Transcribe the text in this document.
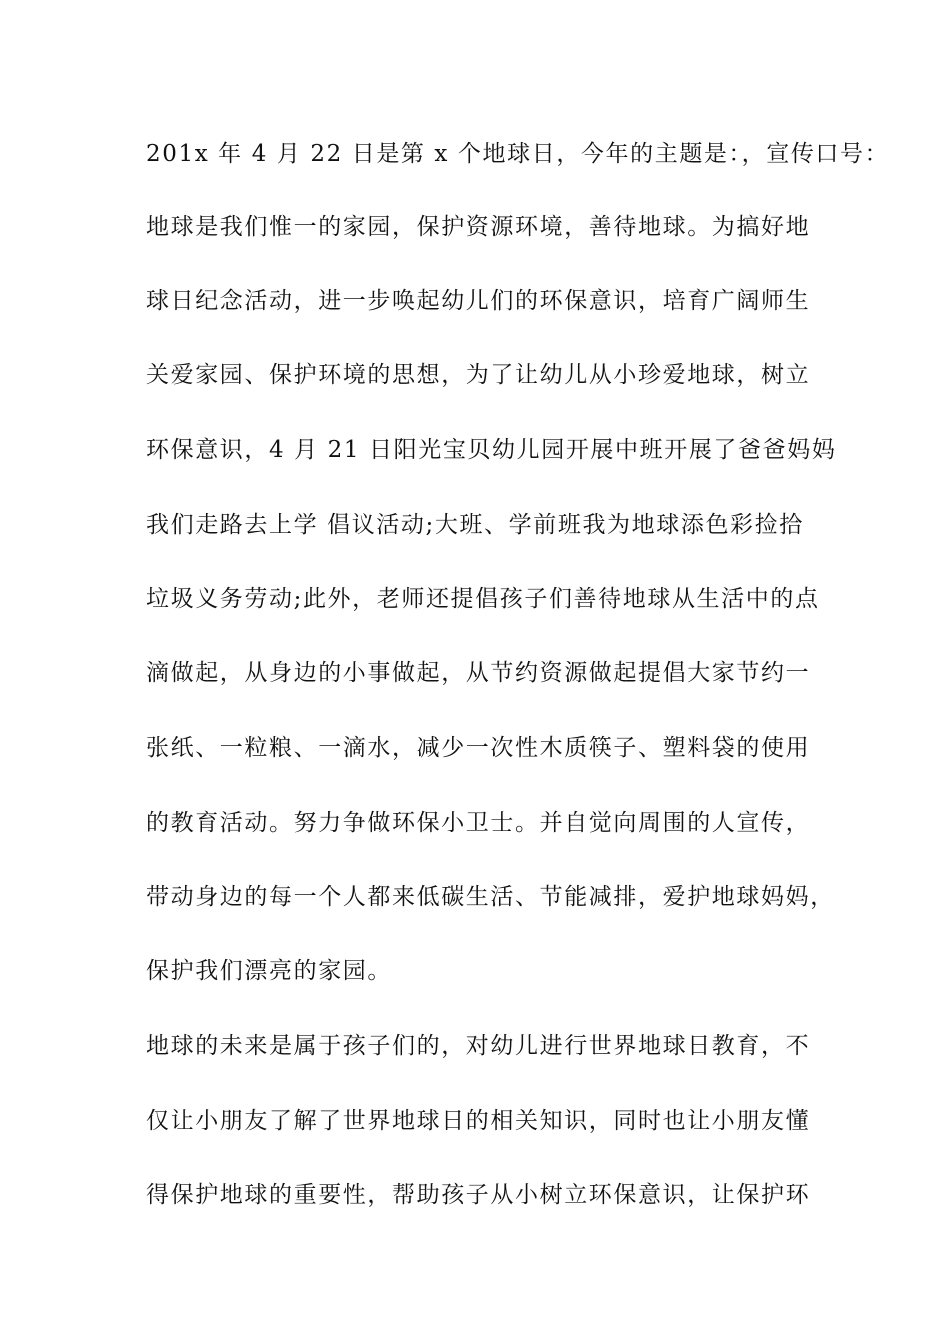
201x 年 4 月 22 日是第 x 个地球日，今年的主题是：，宣传口号：
地球是我们惟一的家园，保护资源环境，善待地球。为搞好地
球日纪念活动，进一步唤起幼儿们的环保意识，培育广阔师生
关爱家园、保护环境的思想，为了让幼儿从小珍爱地球，树立
环保意识，4 月 21 日阳光宝贝幼儿园开展中班开展了爸爸妈妈
我们走路去上学 倡议活动;大班、学前班我为地球添色彩捡拾
垃圾义务劳动;此外，老师还提倡孩子们善待地球从生活中的点
滴做起，从身边的小事做起，从节约资源做起提倡大家节约一
张纸、一粒粮、一滴水，减少一次性木质筷子、塑料袋的使用
的教育活动。努力争做环保小卫士。并自觉向周围的人宣传，
带动身边的每一个人都来低碳生活、节能减排，爱护地球妈妈，
保护我们漂亮的家园。
地球的未来是属于孩子们的，对幼儿进行世界地球日教育，不
仅让小朋友了解了世界地球日的相关知识，同时也让小朋友懂
得保护地球的重要性，帮助孩子从小树立环保意识，让保护环
